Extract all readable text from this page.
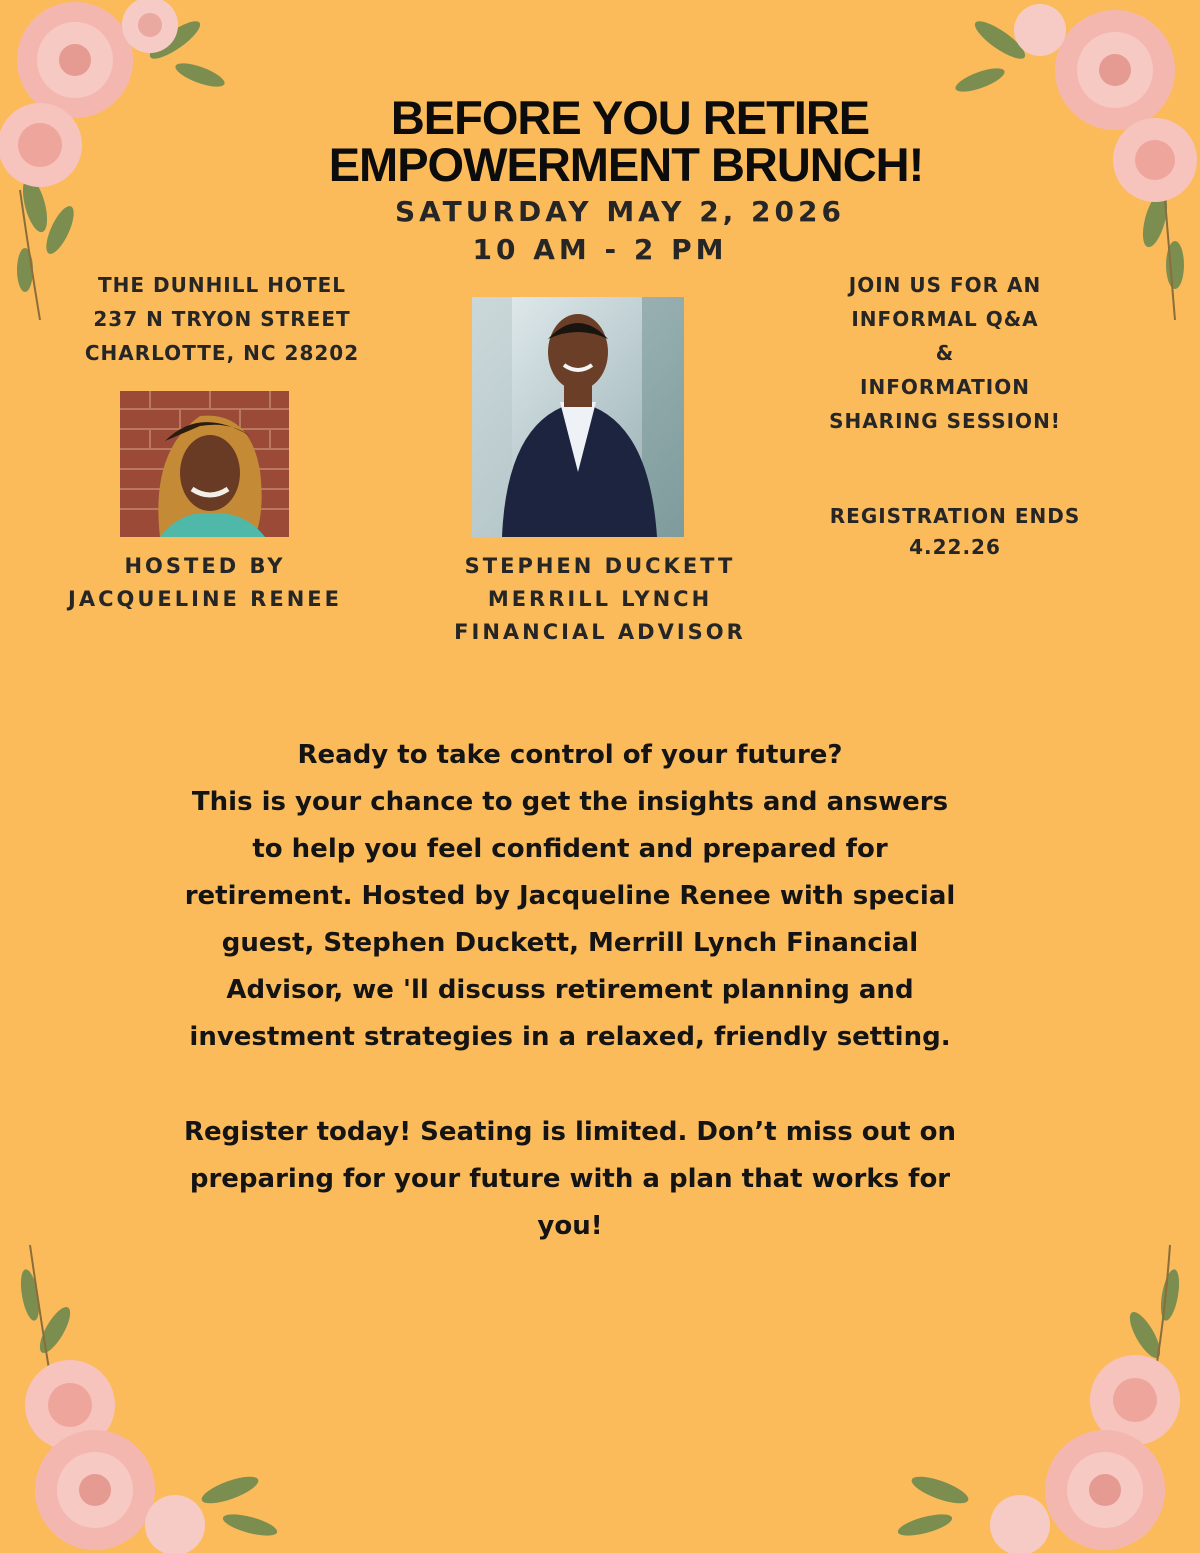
BEFORE YOU RETIRE
EMPOWERMENT BRUNCH!
SATURDAY MAY 2, 2026
10 AM - 2 PM
THE DUNHILL HOTEL
237 N TRYON STREET
CHARLOTTE, NC 28202
JOIN US FOR AN
INFORMAL Q&A
&
INFORMATION
SHARING SESSION!
REGISTRATION ENDS
4.22.26
HOSTED BY
JACQUELINE RENEE
STEPHEN DUCKETT
MERRILL LYNCH
FINANCIAL ADVISOR
Ready to take control of your future?
This is your chance to get the insights and answers
to help you feel confident and prepared for
retirement. Hosted by Jacqueline Renee with special
guest, Stephen Duckett, Merrill Lynch Financial
Advisor, we 'll discuss retirement planning and
investment strategies in a relaxed, friendly setting.
Register today! Seating is limited. Don’t miss out on
preparing for your future with a plan that works for
you!
